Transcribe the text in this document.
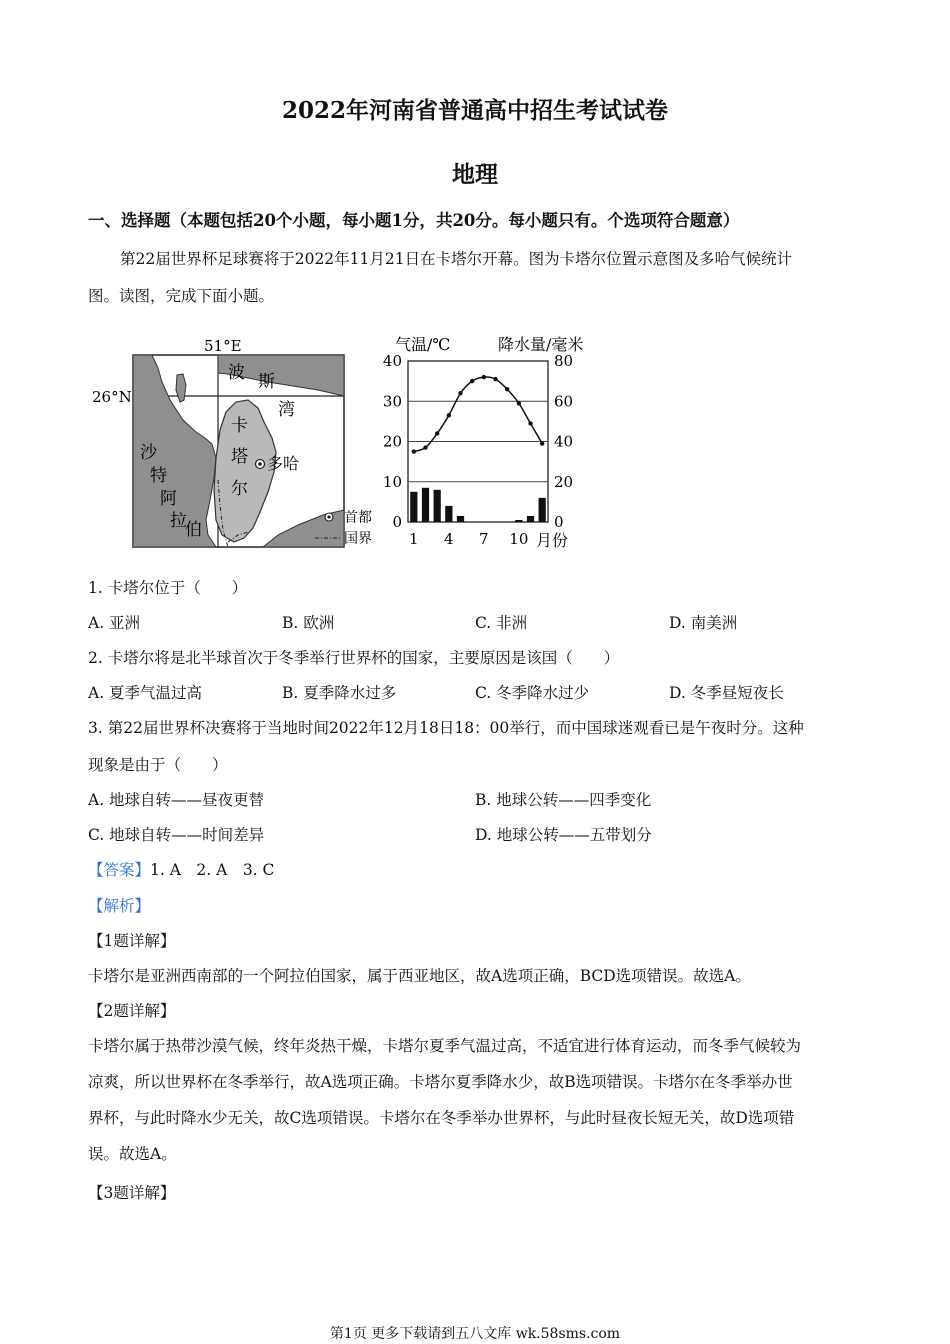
2022年河南省普通高中招生考试试卷
地理
一、选择题（本题包括20个小题，每小题1分，共20分。每小题只有。个选项符合题意）
第22届世界杯足球赛将于2022年11月21日在卡塔尔开幕。图为卡塔尔位置示意图及多哈气候统计
图。读图，完成下面小题。
51°E
26°N
波 斯
湾
卡
塔
尔
多哈
沙
特
阿
拉
伯
首都
国界
气温/℃	降水量/毫米
0
10
20
30
40
0
20
40
60
80
1 4 7 10 月份
1. 卡塔尔位于（　　）
A. 亚洲	B. 欧洲	C. 非洲	D. 南美洲
2. 卡塔尔将是北半球首次于冬季举行世界杯的国家，主要原因是该国（　　）
A. 夏季气温过高	B. 夏季降水过多	C. 冬季降水过少	D. 冬季昼短夜长
3. 第22届世界杯决赛将于当地时间2022年12月18日18：00举行，而中国球迷观看已是午夜时分。这种
现象是由于（　　）
A. 地球自转——昼夜更替	B. 地球公转——四季变化
C. 地球自转——时间差异	D. 地球公转——五带划分
【答案】1. A　2. A　3. C
【解析】
【1题详解】
卡塔尔是亚洲西南部的一个阿拉伯国家，属于西亚地区，故A选项正确，BCD选项错误。故选A。
【2题详解】
卡塔尔属于热带沙漠气候，终年炎热干燥，卡塔尔夏季气温过高，不适宜进行体育运动，而冬季气候较为
凉爽，所以世界杯在冬季举行，故A选项正确。卡塔尔夏季降水少，故B选项错误。卡塔尔在冬季举办世
界杯，与此时降水少无关，故C选项错误。卡塔尔在冬季举办世界杯，与此时昼夜长短无关，故D选项错
误。故选A。
【3题详解】
第1页 更多下载请到五八文库 wk.58sms.com
